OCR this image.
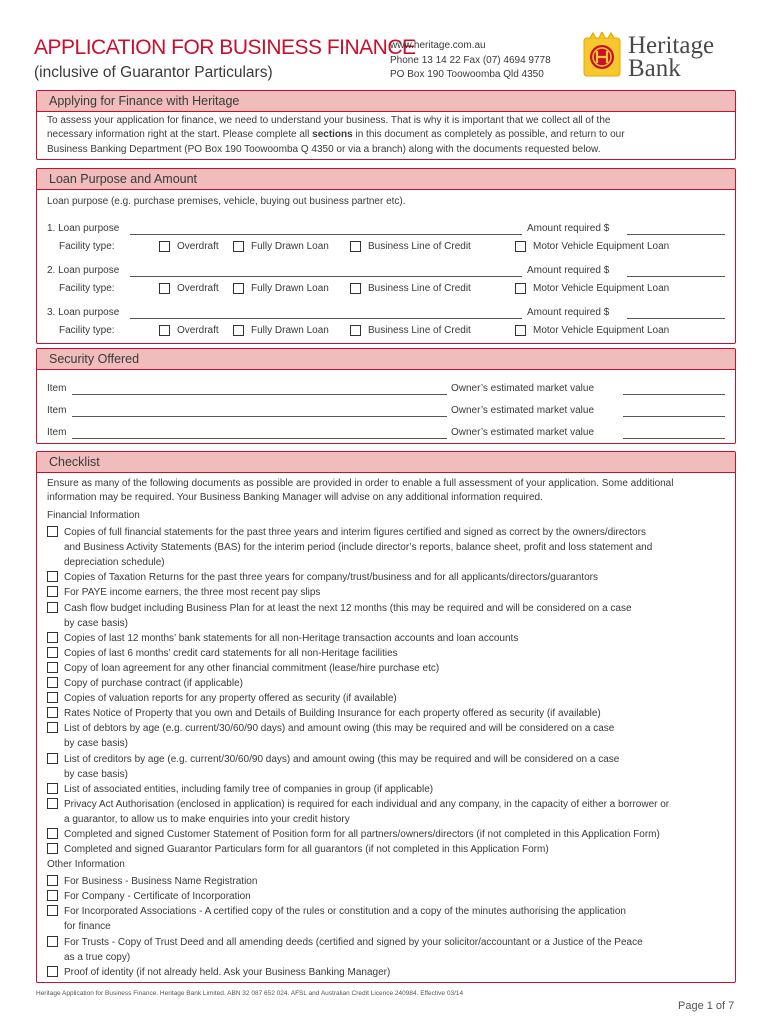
APPLICATION FOR BUSINESS FINANCE
(inclusive of Guarantor Particulars)
www.heritage.com.au
Phone 13 14 22 Fax (07) 4694 9778
PO Box 190 Toowoomba Qld 4350
Heritage
Bank
Applying for Finance with Heritage
To assess your application for finance, we need to understand your business. That is why it is important that we collect all of the
necessary information right at the start. Please complete all sections in this document as completely as possible, and return to our
Business Banking Department (PO Box 190 Toowoomba Q 4350 or via a branch) along with the documents requested below.
Loan Purpose and Amount
Loan purpose (e.g. purchase premises, vehicle, buying out business partner etc).
1. Loan purpose	Amount required $
Facility type:	Overdraft	Fully Drawn Loan	Business Line of Credit	Motor Vehicle Equipment Loan
2. Loan purpose	Amount required $
Facility type:	Overdraft	Fully Drawn Loan	Business Line of Credit	Motor Vehicle Equipment Loan
3. Loan purpose	Amount required $
Facility type:	Overdraft	Fully Drawn Loan	Business Line of Credit	Motor Vehicle Equipment Loan
Security Offered
Item	Owner’s estimated market value
Item	Owner’s estimated market value
Item	Owner’s estimated market value
Checklist
Ensure as many of the following documents as possible are provided in order to enable a full assessment of your application. Some additional
information may be required. Your Business Banking Manager will advise on any additional information required.
Financial Information
Other Information
Copies of full financial statements for the past three years and interim figures certified and signed as correct by the owners/directors
and Business Activity Statements (BAS) for the interim period (include director’s reports, balance sheet, profit and loss statement and
depreciation schedule)
Copies of Taxation Returns for the past three years for company/trust/business and for all applicants/directors/guarantors
For PAYE income earners, the three most recent pay slips
Cash flow budget including Business Plan for at least the next 12 months (this may be required and will be considered on a case
by case basis)
Copies of last 12 months’ bank statements for all non-Heritage transaction accounts and loan accounts
Copies of last 6 months’ credit card statements for all non-Heritage facilities
Copy of loan agreement for any other financial commitment (lease/hire purchase etc)
Copy of purchase contract (if applicable)
Copies of valuation reports for any property offered as security (if available)
Rates Notice of Property that you own and Details of Building Insurance for each property offered as security (if available)
List of debtors by age (e.g. current/30/60/90 days) and amount owing (this may be required and will be considered on a case
by case basis)
List of creditors by age (e.g. current/30/60/90 days) and amount owing (this may be required and will be considered on a case
by case basis)
List of associated entities, including family tree of companies in group (if applicable)
Privacy Act Authorisation (enclosed in application) is required for each individual and any company, in the capacity of either a borrower or
a guarantor, to allow us to make enquiries into your credit history
Completed and signed Customer Statement of Position form for all partners/owners/directors (if not completed in this Application Form)
Completed and signed Guarantor Particulars form for all guarantors (if not completed in this Application Form)
For Business - Business Name Registration
For Company - Certificate of Incorporation
For Incorporated Associations - A certified copy of the rules or constitution and a copy of the minutes authorising the application
for finance
For Trusts - Copy of Trust Deed and all amending deeds (certified and signed by your solicitor/accountant or a Justice of the Peace
as a true copy)
Proof of identity (if not already held. Ask your Business Banking Manager)
Heritage Application for Business Finance. Heritage Bank Limited. ABN 32 087 652 024. AFSL and Australian Credit Licence 240984. Effective 03/14
Page 1 of 7
